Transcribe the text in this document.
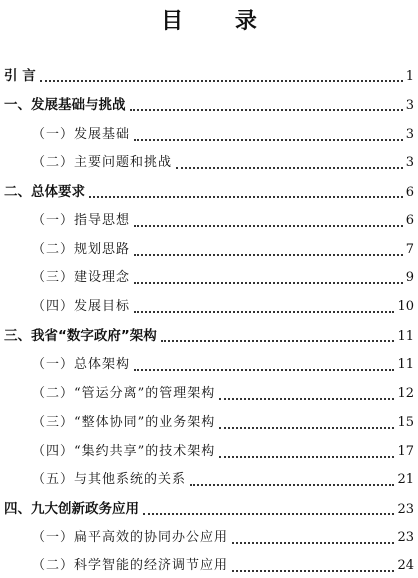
目 录
引 言	1
一、发展基础与挑战	3
（一）发展基础	3
（二）主要问题和挑战	3
二、总体要求	6
（一）指导思想	6
（二）规划思路	7
（三）建设理念	9
（四）发展目标	10
三、我省“数字政府”架构	11
（一）总体架构	11
（二）“管运分离”的管理架构	12
（三）“整体协同”的业务架构	15
（四）“集约共享”的技术架构	17
（五）与其他系统的关系	21
四、九大创新政务应用	23
（一）扁平高效的协同办公应用	23
（二）科学智能的经济调节应用	24
